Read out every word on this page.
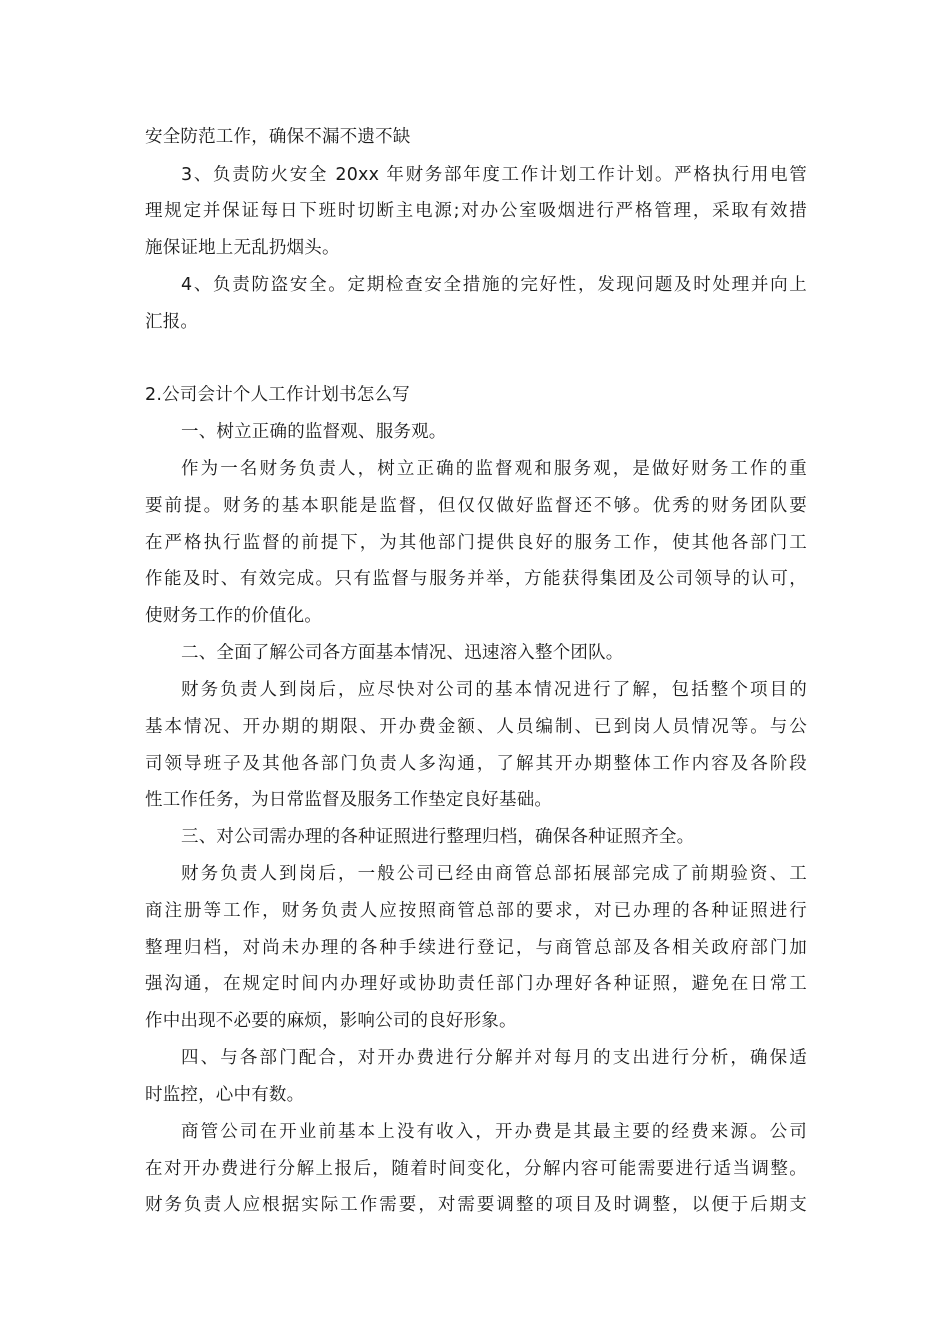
安全防范工作，确保不漏不遗不缺
3、负责防火安全 20xx 年财务部年度工作计划工作计划。严格执行用电管
理规定并保证每日下班时切断主电源;对办公室吸烟进行严格管理，采取有效措
施保证地上无乱扔烟头。
4、负责防盗安全。定期检查安全措施的完好性，发现问题及时处理并向上
汇报。
2.公司会计个人工作计划书怎么写
一、树立正确的监督观、服务观。
作为一名财务负责人，树立正确的监督观和服务观，是做好财务工作的重
要前提。财务的基本职能是监督，但仅仅做好监督还不够。优秀的财务团队要
在严格执行监督的前提下，为其他部门提供良好的服务工作，使其他各部门工
作能及时、有效完成。只有监督与服务并举，方能获得集团及公司领导的认可，
使财务工作的价值化。
二、全面了解公司各方面基本情况、迅速溶入整个团队。
财务负责人到岗后，应尽快对公司的基本情况进行了解，包括整个项目的
基本情况、开办期的期限、开办费金额、人员编制、已到岗人员情况等。与公
司领导班子及其他各部门负责人多沟通，了解其开办期整体工作内容及各阶段
性工作任务，为日常监督及服务工作垫定良好基础。
三、对公司需办理的各种证照进行整理归档，确保各种证照齐全。
财务负责人到岗后，一般公司已经由商管总部拓展部完成了前期验资、工
商注册等工作，财务负责人应按照商管总部的要求，对已办理的各种证照进行
整理归档，对尚未办理的各种手续进行登记，与商管总部及各相关政府部门加
强沟通，在规定时间内办理好或协助责任部门办理好各种证照，避免在日常工
作中出现不必要的麻烦，影响公司的良好形象。
四、与各部门配合，对开办费进行分解并对每月的支出进行分析，确保适
时监控，心中有数。
商管公司在开业前基本上没有收入，开办费是其最主要的经费来源。公司
在对开办费进行分解上报后，随着时间变化，分解内容可能需要进行适当调整。
财务负责人应根据实际工作需要，对需要调整的项目及时调整，以便于后期支
